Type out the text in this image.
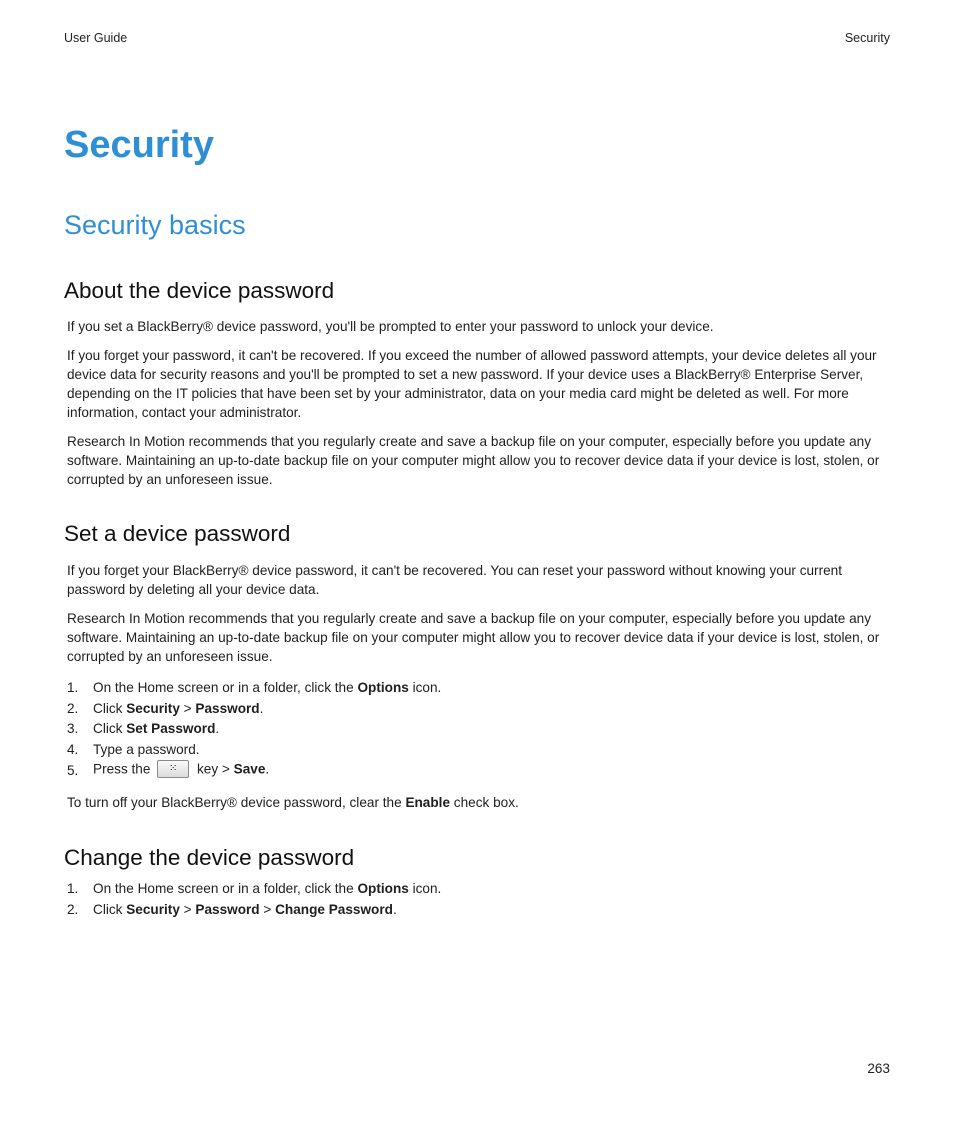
User Guide	Security
Security
Security basics
About the device password

If you set a BlackBerry® device password, you'll be prompted to enter your password to unlock your device.

If you forget your password, it can't be recovered. If you exceed the number of allowed password attempts, your device deletes all your device data for security reasons and you'll be prompted to set a new password. If your device uses a BlackBerry® Enterprise Server, depending on the IT policies that have been set by your administrator, data on your media card might be deleted as well. For more information, contact your administrator.

Research In Motion recommends that you regularly create and save a backup file on your computer, especially before you update any software. Maintaining an up-to-date backup file on your computer might allow you to recover device data if your device is lost, stolen, or corrupted by an unforeseen issue.

Set a device password

If you forget your BlackBerry® device password, it can't be recovered. You can reset your password without knowing your current password by deleting all your device data.

Research In Motion recommends that you regularly create and save a backup file on your computer, especially before you update any software. Maintaining an up-to-date backup file on your computer might allow you to recover device data if your device is lost, stolen, or corrupted by an unforeseen issue.

1.	On the Home screen or in a folder, click the Options icon.
2.	Click Security > Password.
3.	Click Set Password.
4.	Type a password.
5.	Press the ⁙ key > Save.

To turn off your BlackBerry® device password, clear the Enable check box.

Change the device password
1.	On the Home screen or in a folder, click the Options icon.
2.	Click Security > Password > Change Password.
263
